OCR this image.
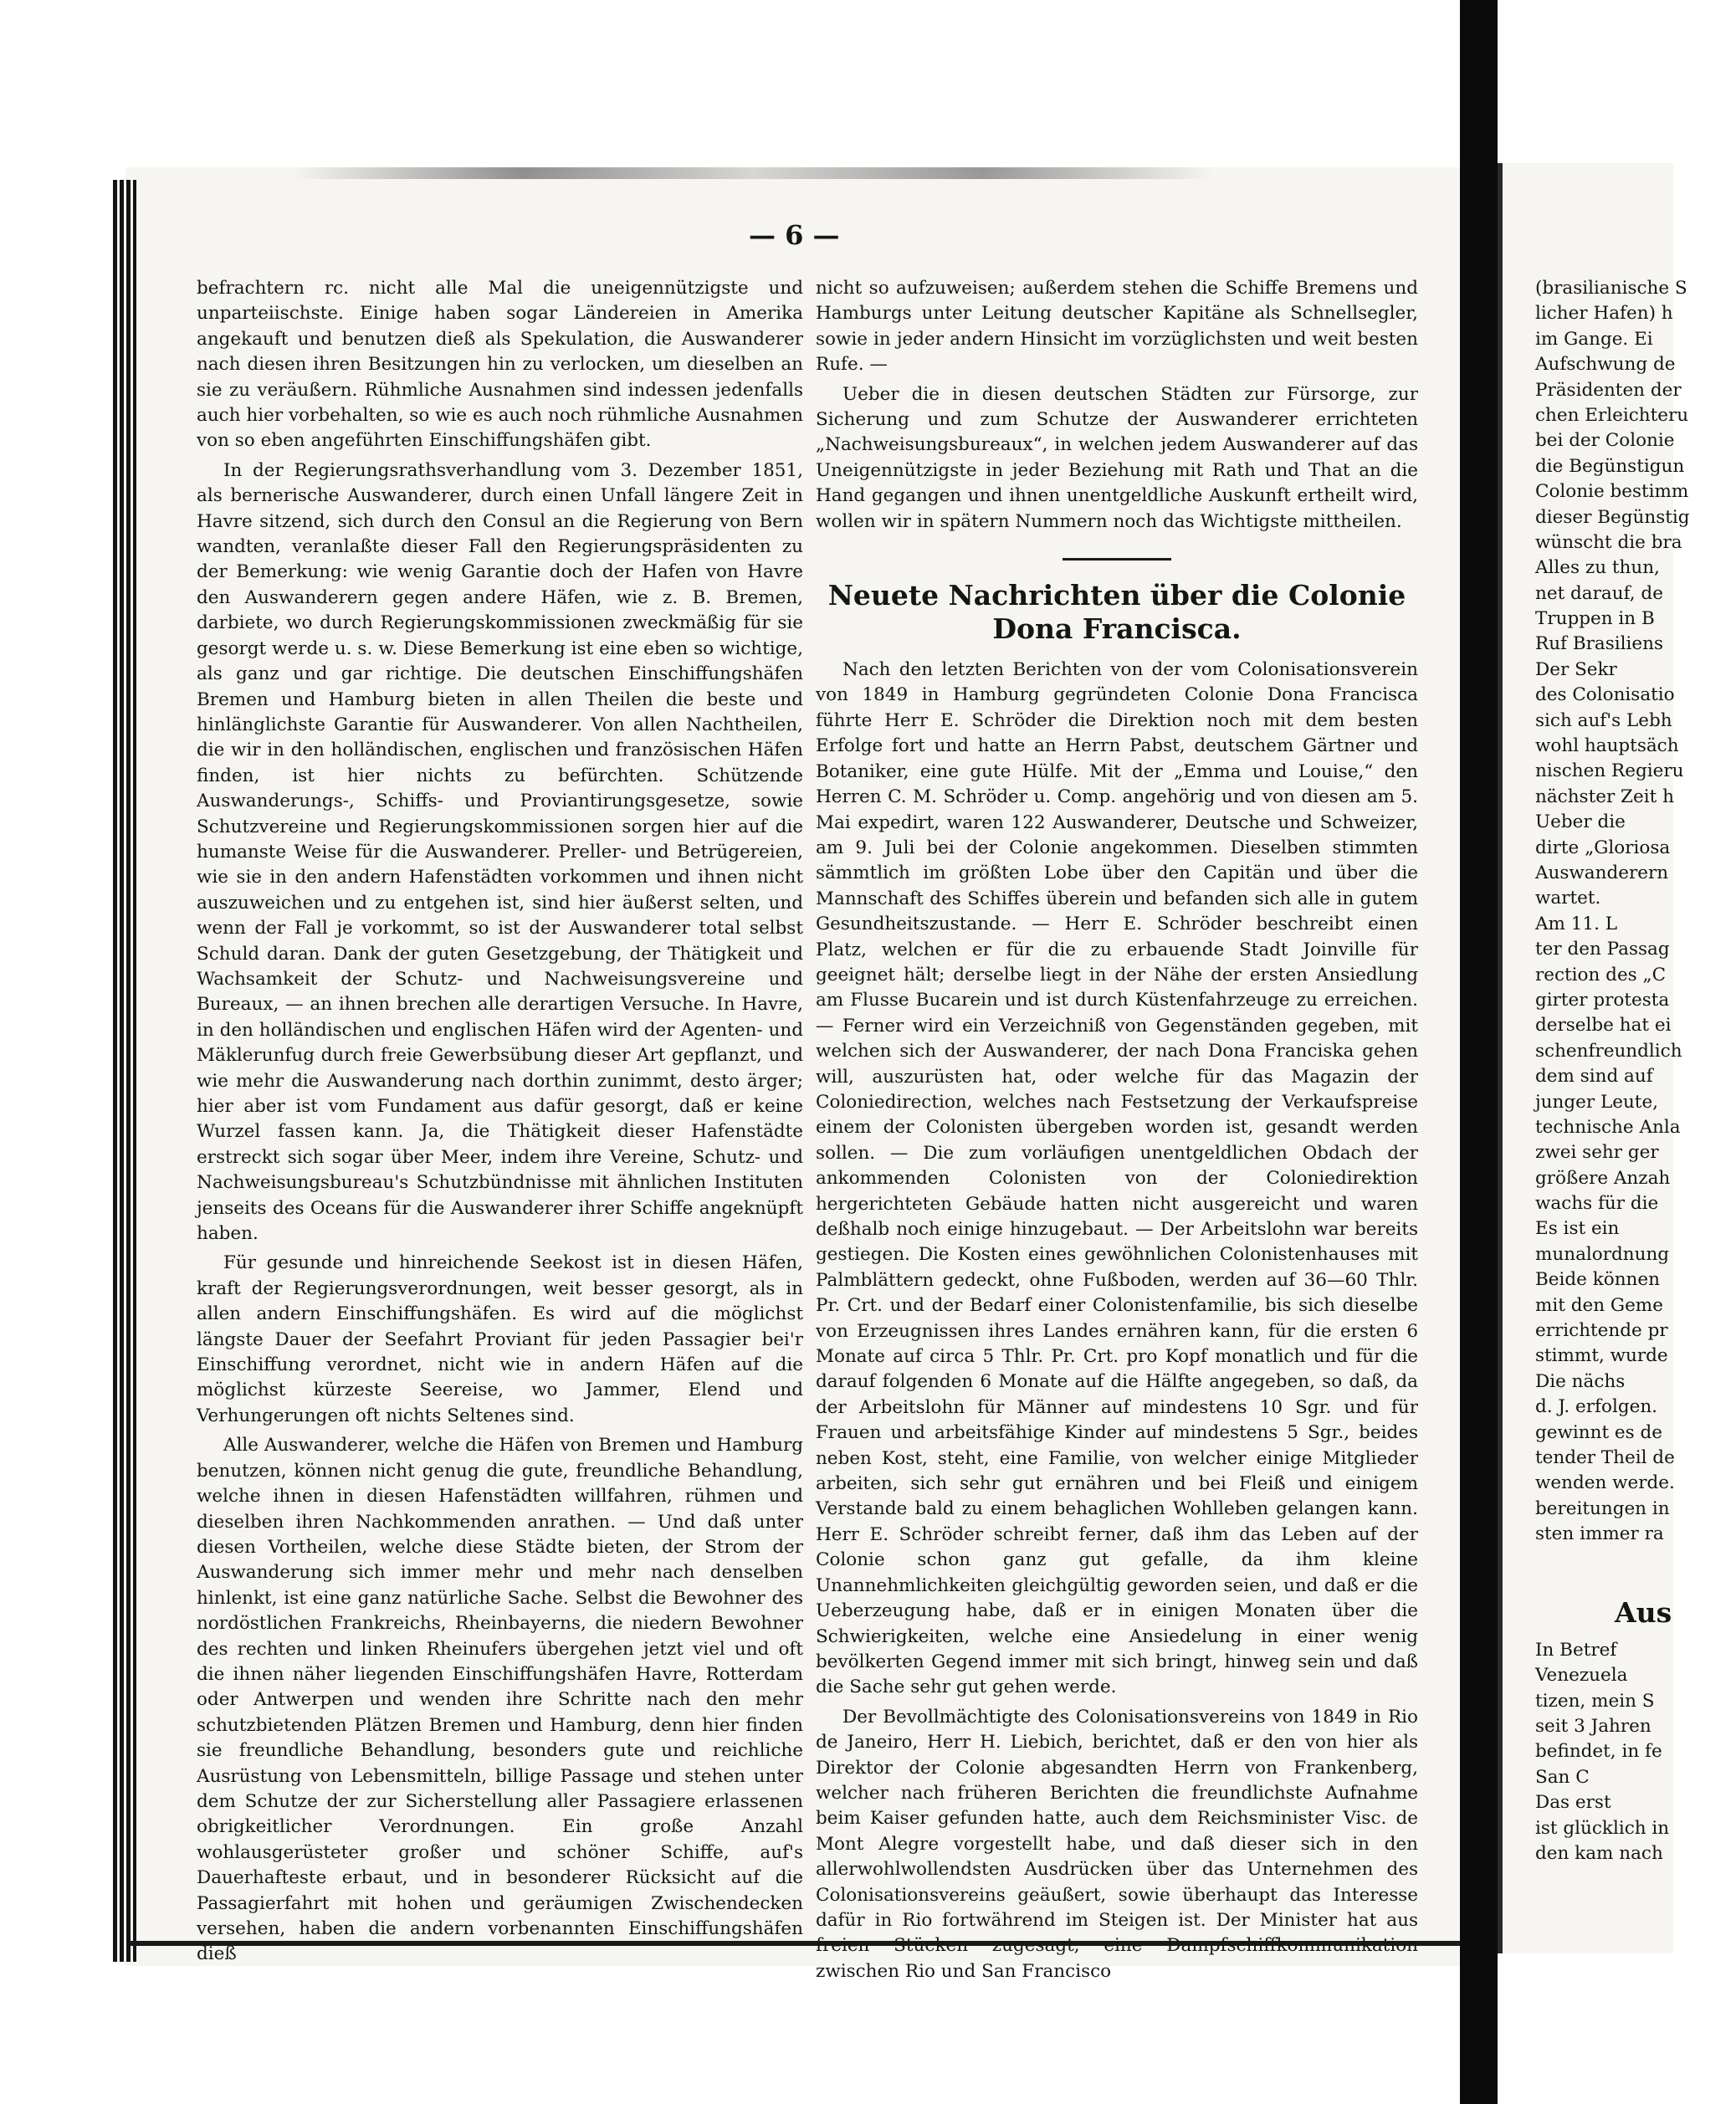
— 6 —

befrachtern rc. nicht alle Mal die uneigennützigste und unparteiischste. Einige haben sogar Ländereien in Amerika angekauft und benutzen dieß als Spekulation, die Auswanderer nach diesen ihren Besitzungen hin zu verlocken, um dieselben an sie zu veräußern. Rühmliche Ausnahmen sind indessen jedenfalls auch hier vorbehalten, so wie es auch noch rühmliche Ausnahmen von so eben angeführten Einschiffungshäfen gibt.

In der Regierungsrathsverhandlung vom 3. Dezember 1851, als bernerische Auswanderer, durch einen Unfall längere Zeit in Havre sitzend, sich durch den Consul an die Regierung von Bern wandten, veranlaßte dieser Fall den Regierungspräsidenten zu der Bemerkung: wie wenig Garantie doch der Hafen von Havre den Auswanderern gegen andere Häfen, wie z. B. Bremen, darbiete, wo durch Regierungskommissionen zweckmäßig für sie gesorgt werde u. s. w. Diese Bemerkung ist eine eben so wichtige, als ganz und gar richtige. Die deutschen Einschiffungshäfen Bremen und Hamburg bieten in allen Theilen die beste und hinlänglichste Garantie für Auswanderer. Von allen Nachtheilen, die wir in den holländischen, englischen und französischen Häfen finden, ist hier nichts zu befürchten. Schützende Auswanderungs-, Schiffs- und Proviantirungsgesetze, sowie Schutzvereine und Regierungskommissionen sorgen hier auf die humanste Weise für die Auswanderer. Preller- und Betrügereien, wie sie in den andern Hafenstädten vorkommen und ihnen nicht auszuweichen und zu entgehen ist, sind hier äußerst selten, und wenn der Fall je vorkommt, so ist der Auswanderer total selbst Schuld daran. Dank der guten Gesetzgebung, der Thätigkeit und Wachsamkeit der Schutz- und Nachweisungsvereine und Bureaux, — an ihnen brechen alle derartigen Versuche. In Havre, in den holländischen und englischen Häfen wird der Agenten- und Mäklerunfug durch freie Gewerbsübung dieser Art gepflanzt, und wie mehr die Auswanderung nach dorthin zunimmt, desto ärger; hier aber ist vom Fundament aus dafür gesorgt, daß er keine Wurzel fassen kann. Ja, die Thätigkeit dieser Hafenstädte erstreckt sich sogar über Meer, indem ihre Vereine, Schutz- und Nachweisungsbureau's Schutzbündnisse mit ähnlichen Instituten jenseits des Oceans für die Auswanderer ihrer Schiffe angeknüpft haben.

Für gesunde und hinreichende Seekost ist in diesen Häfen, kraft der Regierungsverordnungen, weit besser gesorgt, als in allen andern Einschiffungshäfen. Es wird auf die möglichst längste Dauer der Seefahrt Proviant für jeden Passagier bei'r Einschiffung verordnet, nicht wie in andern Häfen auf die möglichst kürzeste Seereise, wo Jammer, Elend und Verhungerungen oft nichts Seltenes sind.

Alle Auswanderer, welche die Häfen von Bremen und Hamburg benutzen, können nicht genug die gute, freundliche Behandlung, welche ihnen in diesen Hafenstädten willfahren, rühmen und dieselben ihren Nachkommenden anrathen. — Und daß unter diesen Vortheilen, welche diese Städte bieten, der Strom der Auswanderung sich immer mehr und mehr nach denselben hinlenkt, ist eine ganz natürliche Sache. Selbst die Bewohner des nordöstlichen Frankreichs, Rheinbayerns, die niedern Bewohner des rechten und linken Rheinufers übergehen jetzt viel und oft die ihnen näher liegenden Einschiffungshäfen Havre, Rotterdam oder Antwerpen und wenden ihre Schritte nach den mehr schutzbietenden Plätzen Bremen und Hamburg, denn hier finden sie freundliche Behandlung, besonders gute und reichliche Ausrüstung von Lebensmitteln, billige Passage und stehen unter dem Schutze der zur Sicherstellung aller Passagiere erlassenen obrigkeitlicher Verordnungen. Ein große Anzahl wohlausgerüsteter großer und schöner Schiffe, auf's Dauerhafteste erbaut, und in besonderer Rücksicht auf die Passagierfahrt mit hohen und geräumigen Zwischendecken versehen, haben die andern vorbenannten Einschiffungshäfen dieß

nicht so aufzuweisen; außerdem stehen die Schiffe Bremens und Hamburgs unter Leitung deutscher Kapitäne als Schnellsegler, sowie in jeder andern Hinsicht im vorzüglichsten und weit besten Rufe. —

Ueber die in diesen deutschen Städten zur Fürsorge, zur Sicherung und zum Schutze der Auswanderer errichteten „Nachweisungsbureaux“, in welchen jedem Auswanderer auf das Uneigennützigste in jeder Beziehung mit Rath und That an die Hand gegangen und ihnen unentgeldliche Auskunft ertheilt wird, wollen wir in spätern Nummern noch das Wichtigste mittheilen.

Neuete Nachrichten über die Colonie Dona Francisca.

Nach den letzten Berichten von der vom Colonisationsverein von 1849 in Hamburg gegründeten Colonie Dona Francisca führte Herr E. Schröder die Direktion noch mit dem besten Erfolge fort und hatte an Herrn Pabst, deutschem Gärtner und Botaniker, eine gute Hülfe. Mit der „Emma und Louise,“ den Herren C. M. Schröder u. Comp. angehörig und von diesen am 5. Mai expedirt, waren 122 Auswanderer, Deutsche und Schweizer, am 9. Juli bei der Colonie angekommen. Dieselben stimmten sämmtlich im größten Lobe über den Capitän und über die Mannschaft des Schiffes überein und befanden sich alle in gutem Gesundheitszustande. — Herr E. Schröder beschreibt einen Platz, welchen er für die zu erbauende Stadt Joinville für geeignet hält; derselbe liegt in der Nähe der ersten Ansiedlung am Flusse Bucarein und ist durch Küstenfahrzeuge zu erreichen. — Ferner wird ein Verzeichniß von Gegenständen gegeben, mit welchen sich der Auswanderer, der nach Dona Franciska gehen will, auszurüsten hat, oder welche für das Magazin der Coloniedirection, welches nach Festsetzung der Verkaufspreise einem der Colonisten übergeben worden ist, gesandt werden sollen. — Die zum vorläufigen unentgeldlichen Obdach der ankommenden Colonisten von der Coloniedirektion hergerichteten Gebäude hatten nicht ausgereicht und waren deßhalb noch einige hinzugebaut. — Der Arbeitslohn war bereits gestiegen. Die Kosten eines gewöhnlichen Colonistenhauses mit Palmblättern gedeckt, ohne Fußboden, werden auf 36—60 Thlr. Pr. Crt. und der Bedarf einer Colonistenfamilie, bis sich dieselbe von Erzeugnissen ihres Landes ernähren kann, für die ersten 6 Monate auf circa 5 Thlr. Pr. Crt. pro Kopf monatlich und für die darauf folgenden 6 Monate auf die Hälfte angegeben, so daß, da der Arbeitslohn für Männer auf mindestens 10 Sgr. und für Frauen und arbeitsfähige Kinder auf mindestens 5 Sgr., beides neben Kost, steht, eine Familie, von welcher einige Mitglieder arbeiten, sich sehr gut ernähren und bei Fleiß und einigem Verstande bald zu einem behaglichen Wohlleben gelangen kann. Herr E. Schröder schreibt ferner, daß ihm das Leben auf der Colonie schon ganz gut gefalle, da ihm kleine Unannehmlichkeiten gleichgültig geworden seien, und daß er die Ueberzeugung habe, daß er in einigen Monaten über die Schwierigkeiten, welche eine Ansiedelung in einer wenig bevölkerten Gegend immer mit sich bringt, hinweg sein und daß die Sache sehr gut gehen werde.

Der Bevollmächtigte des Colonisationsvereins von 1849 in Rio de Janeiro, Herr H. Liebich, berichtet, daß er den von hier als Direktor der Colonie abgesandten Herrn von Frankenberg, welcher nach früheren Berichten die freundlichste Aufnahme beim Kaiser gefunden hatte, auch dem Reichsminister Visc. de Mont Alegre vorgestellt habe, und daß dieser sich in den allerwohlwollendsten Ausdrücken über das Unternehmen des Colonisationsvereins geäußert, sowie überhaupt das Interesse dafür in Rio fortwährend im Steigen ist. Der Minister hat aus freien Stücken zugesagt, eine Dampfschiffkommunikation zwischen Rio und San Francisco

(brasilianische S
licher Hafen) h
im Gange. Ei
Aufschwung de
Präsidenten der
chen Erleichteru
bei der Colonie
die Begünstigun
Colonie bestimm
dieser Begünstig
wünscht die bra
Alles zu thun,
net darauf, de
Truppen in B
Ruf Brasiliens
Der Sekr
des Colonisatio
sich auf's Lebh
wohl hauptsäch
nischen Regieru
nächster Zeit h
Ueber die
dirte „Gloriosa
Auswanderern
wartet.
Am 11. L
ter den Passag
rection des „C
girter protesta
derselbe hat ei
schenfreundlich
dem sind auf
junger Leute,
technische Anla
zwei sehr ger
größere Anzah
wachs für die
Es ist ein
munalordnung
Beide können
mit den Geme
errichtende pr
stimmt, wurde
Die nächs
d. J. erfolgen.
gewinnt es de
tender Theil de
wenden werde.
bereitungen in
sten immer ra
Aus
In Betref
Venezuela
tizen, mein S
seit 3 Jahren
befindet, in fe
San C
Das erst
ist glücklich in
den kam nach
